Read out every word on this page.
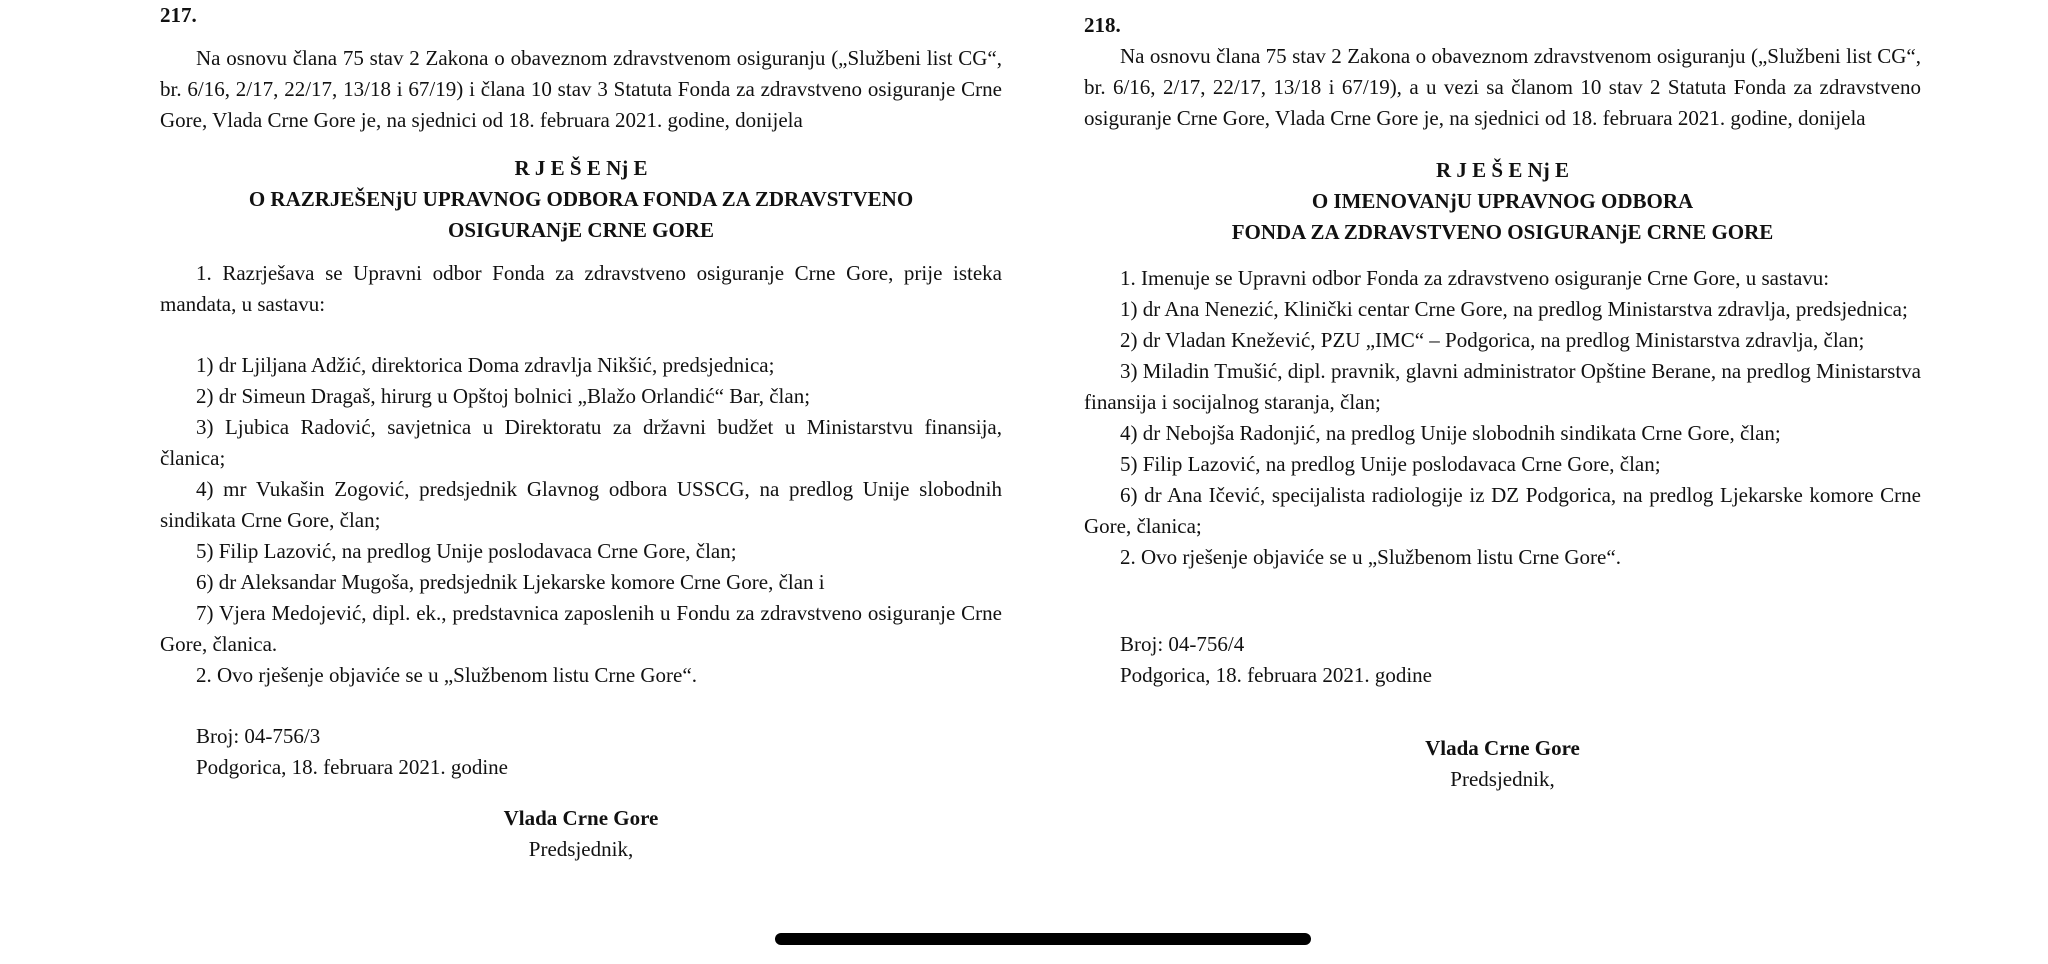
217.

Na osnovu člana 75 stav 2 Zakona o obaveznom zdravstvenom osiguranju („Službeni list CG“, br. 6/16, 2/17, 22/17, 13/18 i 67/19) i člana 10 stav 3 Statuta Fonda za zdravstveno osiguranje Crne Gore, Vlada Crne Gore je, na sjednici od 18. februara 2021. godine, donijela

R J E Š E Nj E

O RAZRJEŠENjU UPRAVNOG ODBORA FONDA ZA ZDRAVSTVENO

OSIGURANjE CRNE GORE

1. Razrješava se Upravni odbor Fonda za zdravstveno osiguranje Crne Gore, prije isteka mandata, u sastavu:

1) dr Ljiljana Adžić, direktorica Doma zdravlja Nikšić, predsjednica;

2) dr Simeun Dragaš, hirurg u Opštoj bolnici „Blažo Orlandić“ Bar, član;

3) Ljubica Radović, savjetnica u Direktoratu za državni budžet u Ministarstvu finansija, članica;

4) mr Vukašin Zogović, predsjednik Glavnog odbora USSCG, na predlog Unije slobodnih sindikata Crne Gore, član;

5) Filip Lazović, na predlog Unije poslodavaca Crne Gore, član;

6) dr Aleksandar Mugoša, predsjednik Ljekarske komore Crne Gore, član i

7) Vjera Medojević, dipl. ek., predstavnica zaposlenih u Fondu za zdravstveno osiguranje Crne Gore, članica.

2. Ovo rješenje objaviće se u „Službenom listu Crne Gore“.

Broj: 04-756/3

Podgorica, 18. februara 2021. godine

Vlada Crne Gore

Predsjednik,

218.

Na osnovu člana 75 stav 2 Zakona o obaveznom zdravstvenom osiguranju („Službeni list CG“, br. 6/16, 2/17, 22/17, 13/18 i 67/19), a u vezi sa članom 10 stav 2 Statuta Fonda za zdravstveno osiguranje Crne Gore, Vlada Crne Gore je, na sjednici od 18. februara 2021. godine, donijela

R J E Š E Nj E

O IMENOVANjU UPRAVNOG ODBORA

FONDA ZA ZDRAVSTVENO OSIGURANjE CRNE GORE

1. Imenuje se Upravni odbor Fonda za zdravstveno osiguranje Crne Gore, u sastavu:

1) dr Ana Nenezić, Klinički centar Crne Gore, na predlog Ministarstva zdravlja, predsjednica;

2) dr Vladan Knežević, PZU „IMC“ – Podgorica, na predlog Ministarstva zdravlja, član;

3) Miladin Tmušić, dipl. pravnik, glavni administrator Opštine Berane, na predlog Ministarstva finansija i socijalnog staranja, član;

4) dr Nebojša Radonjić, na predlog Unije slobodnih sindikata Crne Gore, član;

5) Filip Lazović, na predlog Unije poslodavaca Crne Gore, član;

6) dr Ana Ičević, specijalista radiologije iz DZ Podgorica, na predlog Ljekarske komore Crne Gore, članica;

2. Ovo rješenje objaviće se u „Službenom listu Crne Gore“.

Broj: 04-756/4

Podgorica, 18. februara 2021. godine

Vlada Crne Gore

Predsjednik,
